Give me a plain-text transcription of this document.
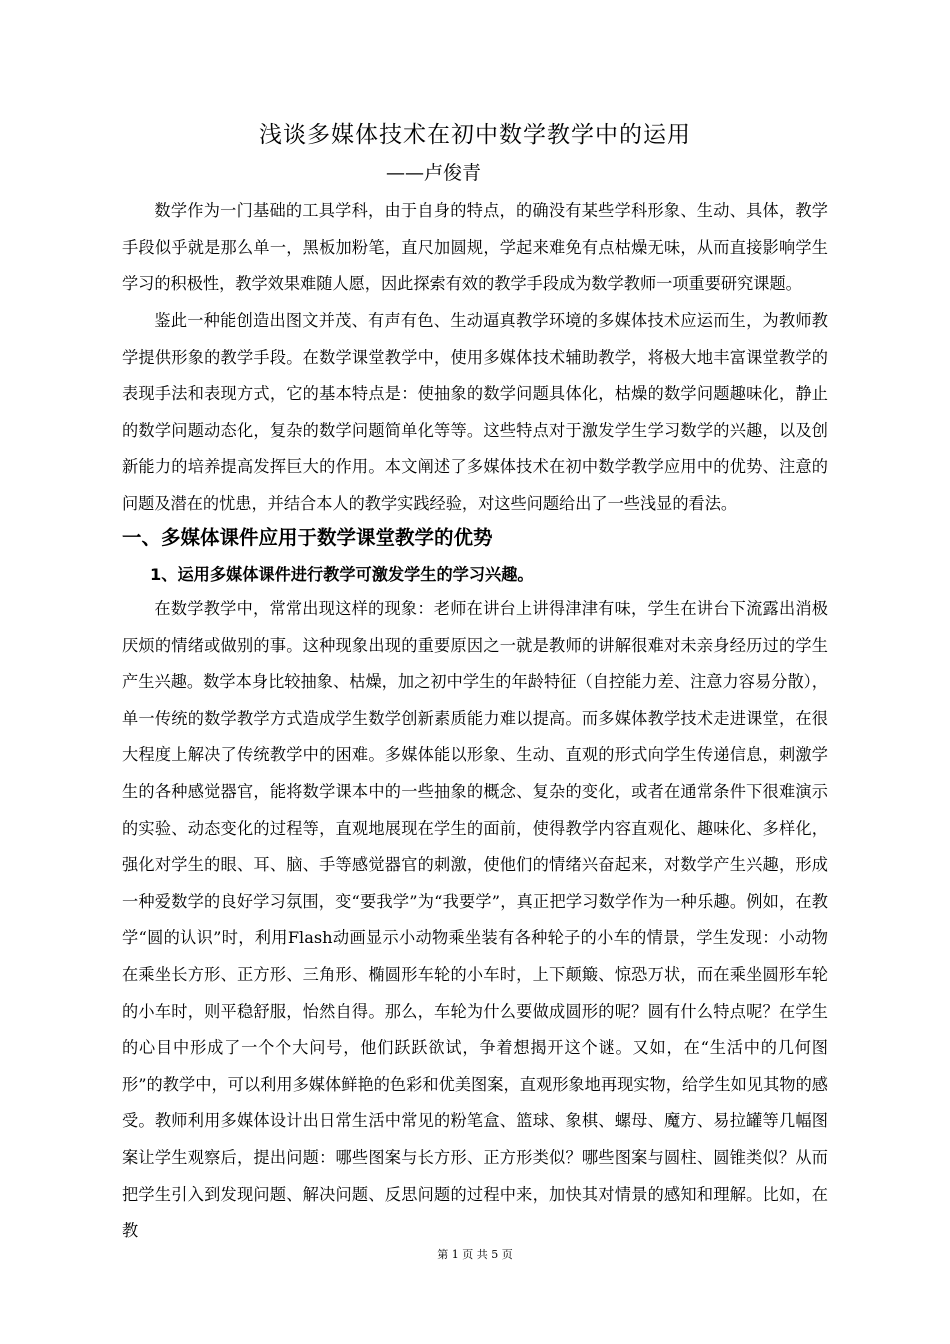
浅谈多媒体技术在初中数学教学中的运用
——卢俊青

数学作为一门基础的工具学科，由于自身的特点，的确没有某些学科形象、生动、具体，教学手段似乎就是那么单一，黑板加粉笔，直尺加圆规，学起来难免有点枯燥无味，从而直接影响学生学习的积极性，教学效果难随人愿，因此探索有效的教学手段成为数学教师一项重要研究课题。

鉴此一种能创造出图文并茂、有声有色、生动逼真教学环境的多媒体技术应运而生，为教师教学提供形象的教学手段。在数学课堂教学中，使用多媒体技术辅助教学，将极大地丰富课堂教学的表现手法和表现方式，它的基本特点是：使抽象的数学问题具体化，枯燥的数学问题趣味化，静止的数学问题动态化，复杂的数学问题简单化等等。这些特点对于激发学生学习数学的兴趣，以及创新能力的培养提高发挥巨大的作用。本文阐述了多媒体技术在初中数学教学应用中的优势、注意的问题及潜在的忧患，并结合本人的教学实践经验，对这些问题给出了一些浅显的看法。

一、多媒体课件应用于数学课堂教学的优势
1、运用多媒体课件进行教学可激发学生的学习兴趣。

在数学教学中，常常出现这样的现象：老师在讲台上讲得津津有味，学生在讲台下流露出消极厌烦的情绪或做别的事。这种现象出现的重要原因之一就是教师的讲解很难对未亲身经历过的学生产生兴趣。数学本身比较抽象、枯燥，加之初中学生的年龄特征（自控能力差、注意力容易分散），单一传统的数学教学方式造成学生数学创新素质能力难以提高。而多媒体教学技术走进课堂，在很大程度上解决了传统教学中的困难。多媒体能以形象、生动、直观的形式向学生传递信息，刺激学生的各种感觉器官，能将数学课本中的一些抽象的概念、复杂的变化，或者在通常条件下很难演示的实验、动态变化的过程等，直观地展现在学生的面前，使得教学内容直观化、趣味化、多样化，强化对学生的眼、耳、脑、手等感觉器官的刺激，使他们的情绪兴奋起来，对数学产生兴趣，形成一种爱数学的良好学习氛围，变“要我学”为“我要学”，真正把学习数学作为一种乐趣。例如，在教学“圆的认识”时，利用Flash动画显示小动物乘坐装有各种轮子的小车的情景，学生发现：小动物在乘坐长方形、正方形、三角形、椭圆形车轮的小车时，上下颠簸、惊恐万状，而在乘坐圆形车轮的小车时，则平稳舒服，怡然自得。那么，车轮为什么要做成圆形的呢？圆有什么特点呢？在学生的心目中形成了一个个大问号，他们跃跃欲试，争着想揭开这个谜。又如，在“生活中的几何图形”的教学中，可以利用多媒体鲜艳的色彩和优美图案，直观形象地再现实物，给学生如见其物的感受。教师利用多媒体设计出日常生活中常见的粉笔盒、篮球、象棋、螺母、魔方、易拉罐等几幅图案让学生观察后，提出问题：哪些图案与长方形、正方形类似？哪些图案与圆柱、圆锥类似？从而把学生引入到发现问题、解决问题、反思问题的过程中来，加快其对情景的感知和理解。比如，在教

第 1 页 共 5 页
